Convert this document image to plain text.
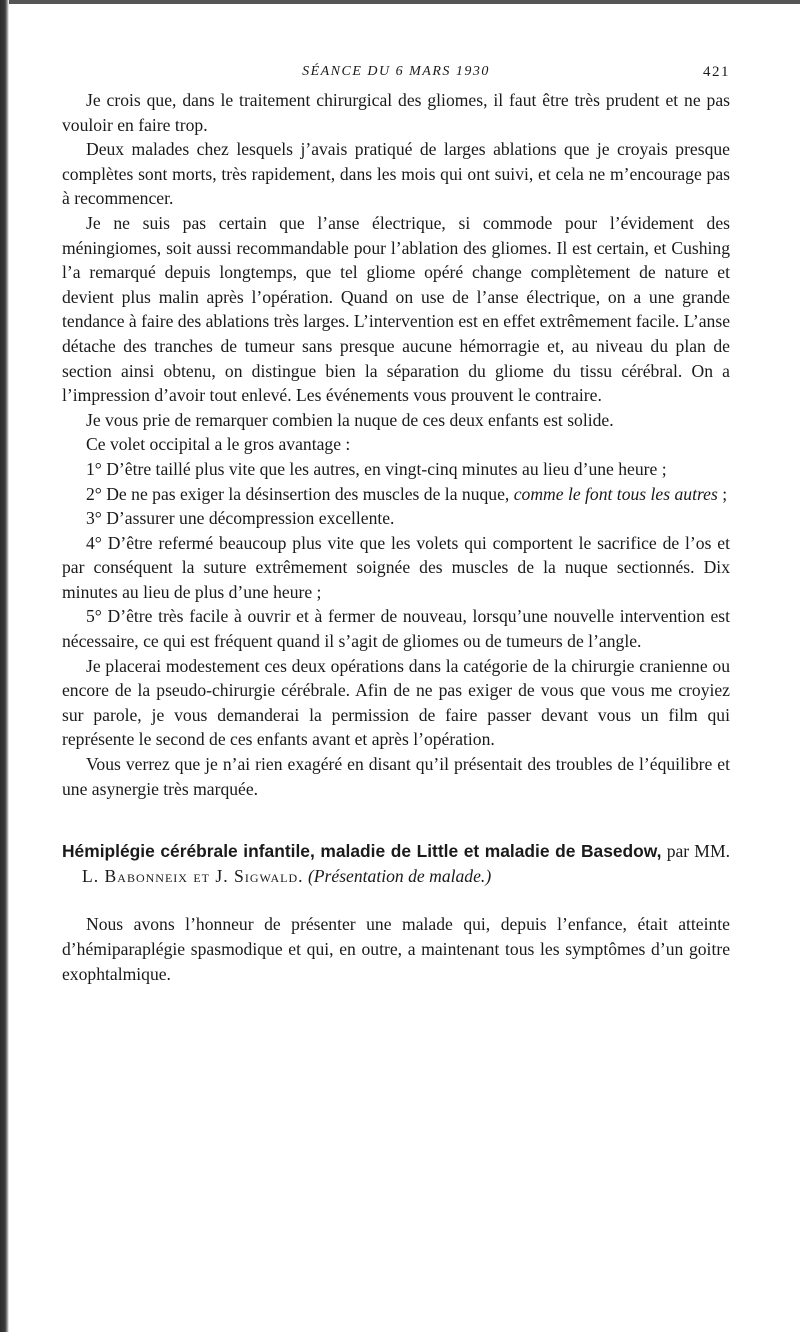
SÉANCE DU 6 MARS 1930	421

Je crois que, dans le traitement chirurgical des gliomes, il faut être très prudent et ne pas vouloir en faire trop.

Deux malades chez lesquels j’avais pratiqué de larges ablations que je croyais presque complètes sont morts, très rapidement, dans les mois qui ont suivi, et cela ne m’encourage pas à recommencer.

Je ne suis pas certain que l’anse électrique, si commode pour l’évidement des méningiomes, soit aussi recommandable pour l’ablation des gliomes. Il est certain, et Cushing l’a remarqué depuis longtemps, que tel gliome opéré change complètement de nature et devient plus malin après l’opération. Quand on use de l’anse électrique, on a une grande tendance à faire des ablations très larges. L’intervention est en effet extrêmement facile. L’anse détache des tranches de tumeur sans presque aucune hémorragie et, au niveau du plan de section ainsi obtenu, on distingue bien la séparation du gliome du tissu cérébral. On a l’impression d’avoir tout enlevé. Les événements vous prouvent le contraire.

Je vous prie de remarquer combien la nuque de ces deux enfants est solide.

Ce volet occipital a le gros avantage :

1° D’être taillé plus vite que les autres, en vingt-cinq minutes au lieu d’une heure ;

2° De ne pas exiger la désinsertion des muscles de la nuque, comme le font tous les autres ;

3° D’assurer une décompression excellente.

4° D’être refermé beaucoup plus vite que les volets qui comportent le sacrifice de l’os et par conséquent la suture extrêmement soignée des muscles de la nuque sectionnés. Dix minutes au lieu de plus d’une heure ;

5° D’être très facile à ouvrir et à fermer de nouveau, lorsqu’une nouvelle intervention est nécessaire, ce qui est fréquent quand il s’agit de gliomes ou de tumeurs de l’angle.

Je placerai modestement ces deux opérations dans la catégorie de la chirurgie cranienne ou encore de la pseudo-chirurgie cérébrale. Afin de ne pas exiger de vous que vous me croyiez sur parole, je vous demanderai la permission de faire passer devant vous un film qui représente le second de ces enfants avant et après l’opération.

Vous verrez que je n’ai rien exagéré en disant qu’il présentait des troubles de l’équilibre et une asynergie très marquée.

Hémiplégie cérébrale infantile, maladie de Little et maladie de Basedow, par MM. L. Babonneix et J. Sigwald. (Présentation de malade.)

Nous avons l’honneur de présenter une malade qui, depuis l’enfance, était atteinte d’hémiparaplégie spasmodique et qui, en outre, a maintenant tous les symptômes d’un goitre exophtalmique.
